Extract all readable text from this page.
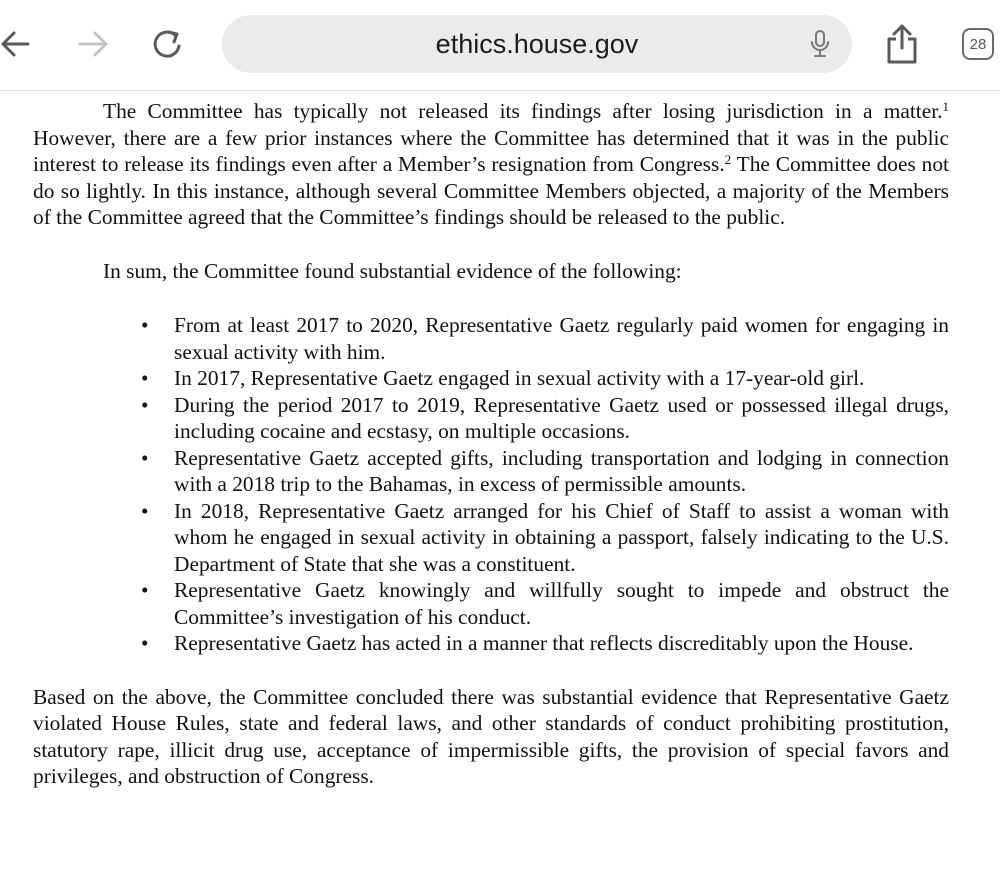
ethics.house.gov	28

The Committee has typically not released its findings after losing jurisdiction in a matter.$^1$ However, there are a few prior instances where the Committee has determined that it was in the public interest to release its findings even after a Member’s resignation from Congress.$^2$ The Committee does not do so lightly. In this instance, although several Committee Members objected, a majority of the Members of the Committee agreed that the Committee’s findings should be released to the public.

In sum, the Committee found substantial evidence of the following:

• From at least 2017 to 2020, Representative Gaetz regularly paid women for engaging in sexual activity with him.
• In 2017, Representative Gaetz engaged in sexual activity with a 17-year-old girl.
• During the period 2017 to 2019, Representative Gaetz used or possessed illegal drugs, including cocaine and ecstasy, on multiple occasions.
• Representative Gaetz accepted gifts, including transportation and lodging in connection with a 2018 trip to the Bahamas, in excess of permissible amounts.
• In 2018, Representative Gaetz arranged for his Chief of Staff to assist a woman with whom he engaged in sexual activity in obtaining a passport, falsely indicating to the U.S. Department of State that she was a constituent.
• Representative Gaetz knowingly and willfully sought to impede and obstruct the Committee’s investigation of his conduct.
• Representative Gaetz has acted in a manner that reflects discreditably upon the House.

Based on the above, the Committee concluded there was substantial evidence that Representative Gaetz violated House Rules, state and federal laws, and other standards of conduct prohibiting prostitution, statutory rape, illicit drug use, acceptance of impermissible gifts, the provision of special favors and privileges, and obstruction of Congress.
